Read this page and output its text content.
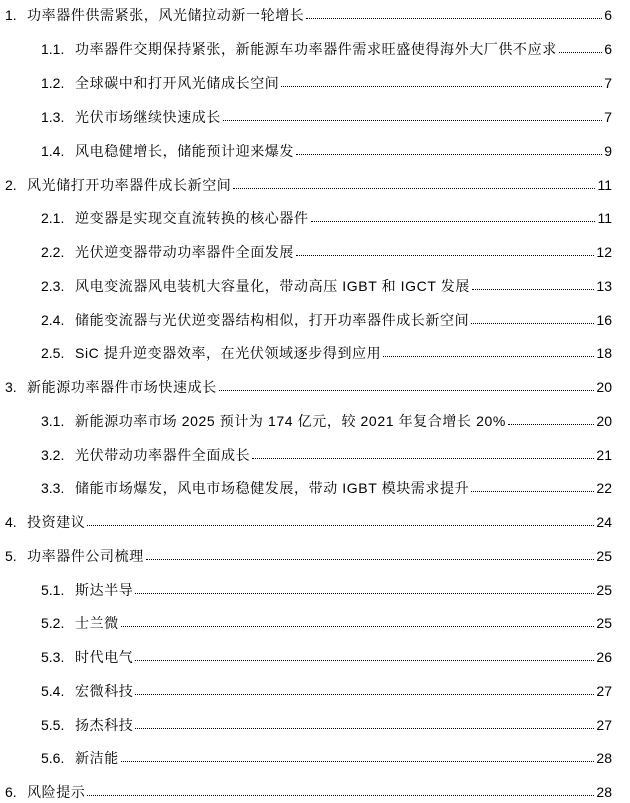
1. 功率器件供需紧张，风光储拉动新一轮增长	6
1.1. 功率器件交期保持紧张，新能源车功率器件需求旺盛使得海外大厂供不应求	6
1.2. 全球碳中和打开风光储成长空间	7
1.3. 光伏市场继续快速成长	7
1.4. 风电稳健增长，储能预计迎来爆发	9
2. 风光储打开功率器件成长新空间	11
2.1. 逆变器是实现交直流转换的核心器件	11
2.2. 光伏逆变器带动功率器件全面发展	12
2.3. 风电变流器风电装机大容量化，带动高压 IGBT 和 IGCT 发展	13
2.4. 储能变流器与光伏逆变器结构相似，打开功率器件成长新空间	16
2.5. SiC 提升逆变器效率，在光伏领域逐步得到应用	18
3. 新能源功率器件市场快速成长	20
3.1. 新能源功率市场 2025 预计为 174 亿元，较 2021 年复合增长 20%	20
3.2. 光伏带动功率器件全面成长	21
3.3. 储能市场爆发，风电市场稳健发展，带动 IGBT 模块需求提升	22
4. 投资建议	24
5. 功率器件公司梳理	25
5.1. 斯达半导	25
5.2. 士兰微	25
5.3. 时代电气	26
5.4. 宏微科技	27
5.5. 扬杰科技	27
5.6. 新洁能	28
6. 风险提示	28
